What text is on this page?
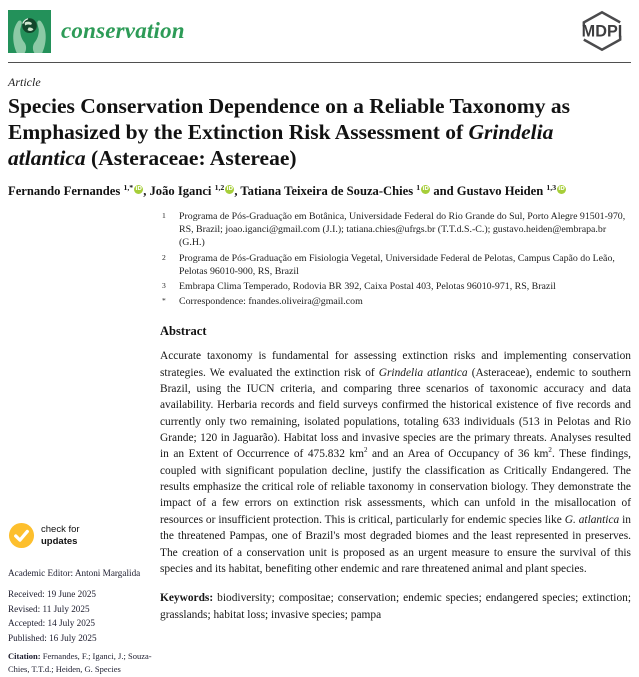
conservation	MDPI
Article
Species Conservation Dependence on a Reliable Taxonomy as Emphasized by the Extinction Risk Assessment of Grindelia atlantica (Asteraceae: Astereae)
Fernando Fernandes $^{1,*}$ iD, João Iganci $^{1,2}$ iD, Tatiana Teixeira de Souza-Chies $^1$ iD and Gustavo Heiden $^{1,3}$ iD
check for
updates
Academic Editor: Antoni Margalida
Received: 19 June 2025
Revised: 11 July 2025
Accepted: 14 July 2025
Published: 16 July 2025
Citation: Fernandes, F.; Iganci, J.; Souza-Chies, T.T.d.; Heiden, G. Species
1	Programa de Pós-Graduação em Botânica, Universidade Federal do Rio Grande do Sul, Porto Alegre 91501-970, RS, Brazil; joao.iganci@gmail.com (J.I.); tatiana.chies@ufrgs.br (T.T.d.S.-C.); gustavo.heiden@embrapa.br (G.H.)
2	Programa de Pós-Graduação em Fisiologia Vegetal, Universidade Federal de Pelotas, Campus Capão do Leão, Pelotas 96010-900, RS, Brazil
3	Embrapa Clima Temperado, Rodovia BR 392, Caixa Postal 403, Pelotas 96010-971, RS, Brazil
*	Correspondence: fnandes.oliveira@gmail.com
Abstract

Accurate taxonomy is fundamental for assessing extinction risks and implementing conservation strategies. We evaluated the extinction risk of Grindelia atlantica (Asteraceae), endemic to southern Brazil, using the IUCN criteria, and comparing three scenarios of taxonomic accuracy and data availability. Herbaria records and field surveys confirmed the historical existence of five records and currently only two remaining, isolated populations, totaling 633 individuals (513 in Pelotas and Rio Grande; 120 in Jaguarão). Habitat loss and invasive species are the primary threats. Analyses resulted in an Extent of Occurrence of 475.832 $km^2$ and an Area of Occupancy of 36 $km^2$. These findings, coupled with significant population decline, justify the classification as Critically Endangered. The results emphasize the critical role of reliable taxonomy in conservation biology. They demonstrate the impact of a few errors on extinction risk assessments, which can unfold in the misallocation of resources or insufficient protection. This is critical, particularly for endemic species like G. atlantica in the threatened Pampas, one of Brazil's most degraded biomes and the least represented in preserves. The creation of a conservation unit is proposed as an urgent measure to ensure the survival of this species and its habitat, benefiting other endemic and rare threatened animal and plant species.

Keywords: biodiversity; compositae; conservation; endemic species; endangered species; extinction; grasslands; habitat loss; invasive species; pampa
